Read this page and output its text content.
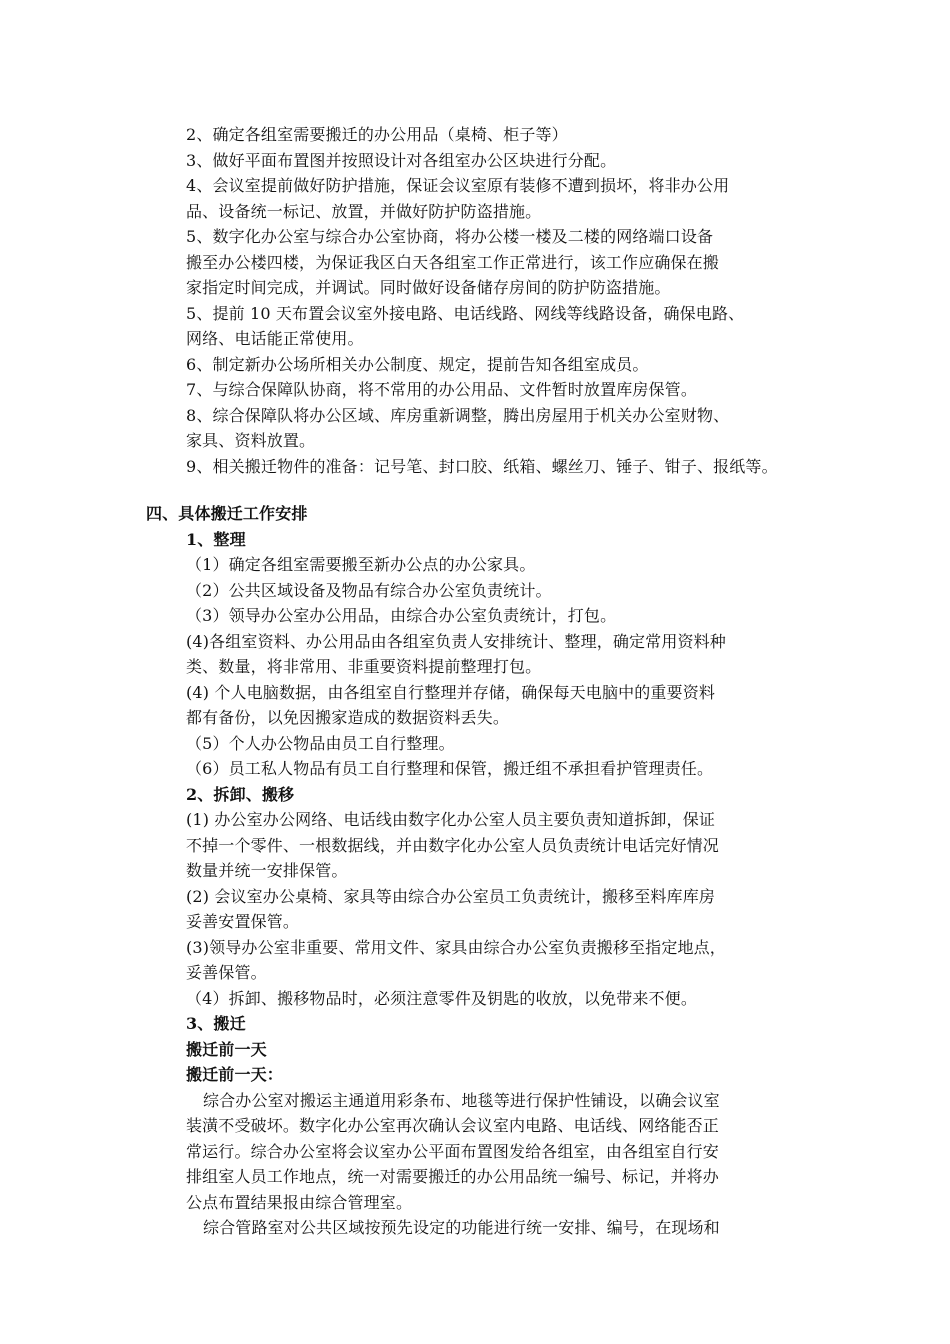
2、确定各组室需要搬迁的办公用品（桌椅、柜子等）
3、做好平面布置图并按照设计对各组室办公区块进行分配。
4、会议室提前做好防护措施，保证会议室原有装修不遭到损坏，将非办公用
品、设备统一标记、放置，并做好防护防盗措施。
5、数字化办公室与综合办公室协商，将办公楼一楼及二楼的网络端口设备
搬至办公楼四楼，为保证我区白天各组室工作正常进行，该工作应确保在搬
家指定时间完成，并调试。同时做好设备储存房间的防护防盗措施。
5、提前 10 天布置会议室外接电路、电话线路、网线等线路设备，确保电路、
网络、电话能正常使用。
6、制定新办公场所相关办公制度、规定，提前告知各组室成员。
7、与综合保障队协商，将不常用的办公用品、文件暂时放置库房保管。
8、综合保障队将办公区域、库房重新调整，腾出房屋用于机关办公室财物、
家具、资料放置。
9、相关搬迁物件的准备：记号笔、封口胶、纸箱、螺丝刀、锤子、钳子、报纸等。
四、具体搬迁工作安排
1、整理
（1）确定各组室需要搬至新办公点的办公家具。
（2）公共区域设备及物品有综合办公室负责统计。
（3）领导办公室办公用品，由综合办公室负责统计，打包。
(4)各组室资料、办公用品由各组室负责人安排统计、整理，确定常用资料种
类、数量，将非常用、非重要资料提前整理打包。
(4) 个人电脑数据，由各组室自行整理并存储，确保每天电脑中的重要资料
都有备份，以免因搬家造成的数据资料丢失。
（5）个人办公物品由员工自行整理。
（6）员工私人物品有员工自行整理和保管，搬迁组不承担看护管理责任。
2、拆卸、搬移
(1) 办公室办公网络、电话线由数字化办公室人员主要负责知道拆卸，保证
不掉一个零件、一根数据线，并由数字化办公室人员负责统计电话完好情况
数量并统一安排保管。
(2) 会议室办公桌椅、家具等由综合办公室员工负责统计，搬移至料库库房
妥善安置保管。
(3)领导办公室非重要、常用文件、家具由综合办公室负责搬移至指定地点，
妥善保管。
（4）拆卸、搬移物品时，必须注意零件及钥匙的收放，以免带来不便。
3、搬迁
搬迁前一天
搬迁前一天：
综合办公室对搬运主通道用彩条布、地毯等进行保护性铺设，以确会议室
装潢不受破坏。数字化办公室再次确认会议室内电路、电话线、网络能否正
常运行。综合办公室将会议室办公平面布置图发给各组室，由各组室自行安
排组室人员工作地点，统一对需要搬迁的办公用品统一编号、标记，并将办
公点布置结果报由综合管理室。
综合管路室对公共区域按预先设定的功能进行统一安排、编号，在现场和
